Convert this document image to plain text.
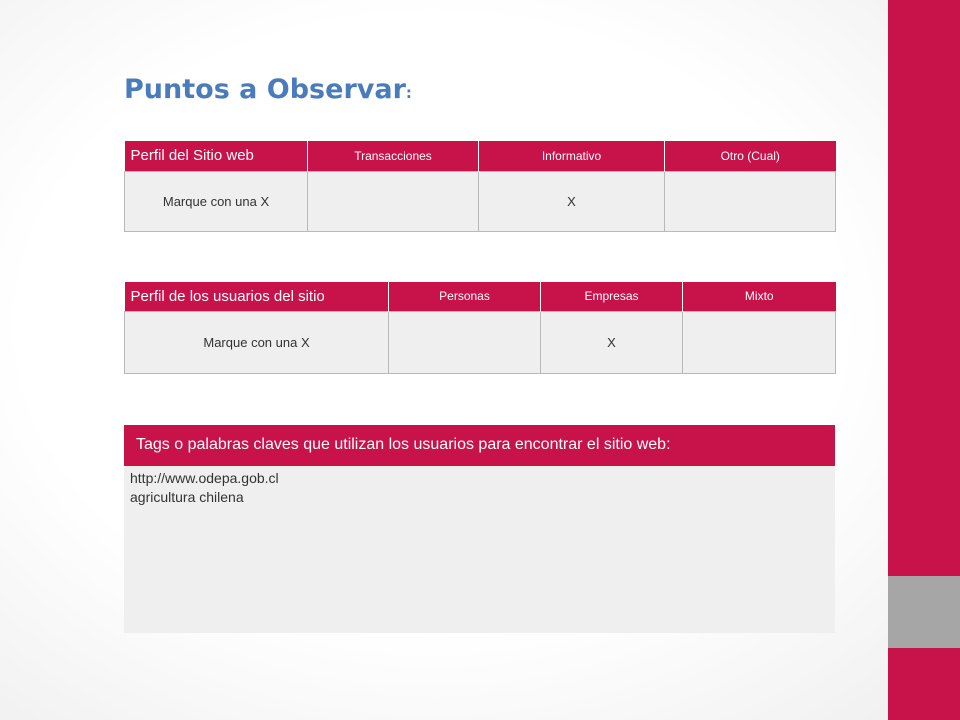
Puntos a Observar:
Perfil del Sitio web	Transacciones	Informativo	Otro (Cual)
Marque con una X		X	
Perfil de los usuarios del sitio	Personas	Empresas	Mixto
Marque con una X		X	
Tags o palabras claves que utilizan los usuarios para encontrar el sitio web:
http://www.odepa.gob.cl
agricultura chilena
